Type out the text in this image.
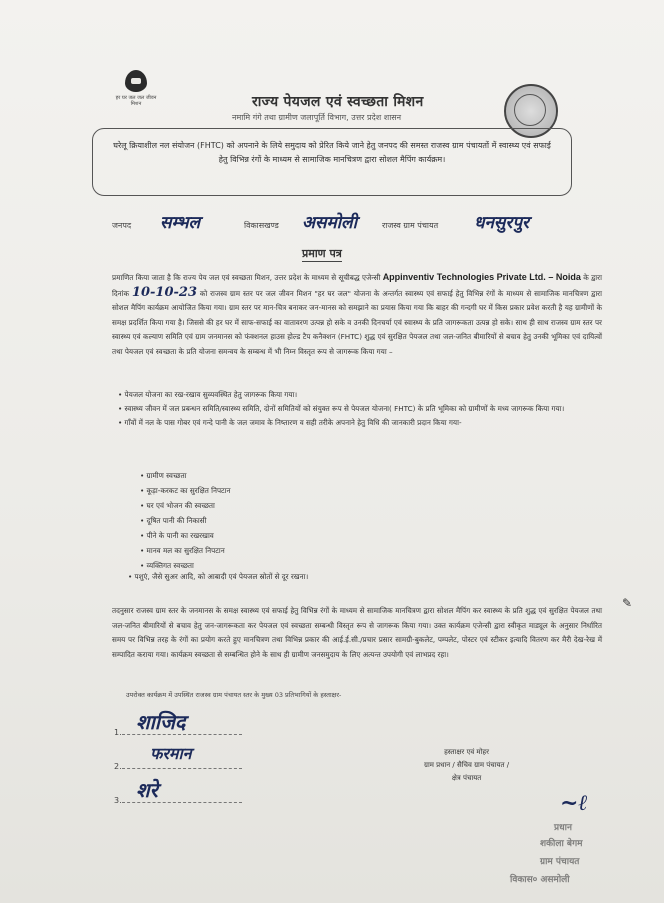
हर घर जल जल जीवन मिशन	राज्य पेयजल एवं स्वच्छता मिशन
नमामि गंगे तथा ग्रामीण जलापूर्ति विभाग, उत्तर प्रदेश शासन

घरेलू क्रियाशील नल संयोजन (FHTC) को अपनाने के लिये समुदाय को प्रेरित किये जाने हेतु जनपद की समस्त राजस्व ग्राम पंचायतों में स्वास्थ्य एवं सफाई हेतु विभिन्न रंगों के माध्यम से सामाजिक मानचित्रण द्वारा सोशल मैपिंग कार्यक्रम।

जनपद सम्भल	विकासखण्ड असमोली	राजस्व ग्राम पंचायत धनसुरपुर
प्रमाण पत्र
प्रमाणित किया जाता है कि राज्य पेय जल एवं स्वच्छता मिशन, उत्तर प्रदेश के माध्यम से सूचीबद्ध एजेन्सी Appinventiv Technologies Private Ltd. – Noida के द्वारा दिनांक 10-10-23 को राजस्व ग्राम स्तर पर जल जीवन मिशन "हर घर जल" योजना के अन्तर्गत स्वास्थ्य एवं सफाई हेतु विभिन्न रंगों के माध्यम से सामाजिक मानचित्रण द्वारा सोशल मैपिंग कार्यक्रम आयोजित किया गया। ग्राम स्तर पर मान-चित्र बनाकर जन-मानस को समझाने का प्रयास किया गया कि बाहर की गन्दगी घर में किस प्रकार प्रवेश करती है यह ग्रामीणों के समक्ष प्रदर्शित किया गया है। जिससे की हर घर में साफ-सफाई का वातावरण उत्पन्न हो सके व उनकी दिनचर्या एवं स्वास्थ्य के प्रति जागरूकता उत्पन्न हो सके। साथ ही साथ राजस्व ग्राम स्तर पर स्वास्थ्य एवं कल्याण समिति एवं ग्राम जनमानस को फंक्शनल हाउस होल्ड टैप कनैक्शन (FHTC) शुद्ध एवं सुरक्षित पेयजल तथा जल-जनित बीमारियों से बचाव हेतु उनकी भूमिका एवं दायित्वों तथा पेयजल एवं स्वच्छता के प्रति योजना समन्वय के सम्बन्ध में भी निम्न विस्तृत रूप से जागरूक किया गया –
• पेयजल योजना का रख-रखाव सुव्यवस्थित हेतु जागरूक किया गया।
• स्वास्थ्य जीवन में जल प्रबन्धन समिति/स्वास्थ्य समिति, दोनों समितियों को संयुक्त रूप से पेयजल योजना( FHTC) के प्रति भूमिका को ग्रामीणों के मध्य जागरूक किया गया।
• गाँवों में नल के पास गोबर एवं गन्दे पानी के जल जमाव के निष्तारण व सही तरीके अपनाने हेतु विधि की जानकारी प्रदान किया गया-
• ग्रामीण स्वच्छता
• कूड़ा-करकट का सुरक्षित निपटान
• घर एवं भोजन की स्वच्छता
• दूषित पानी की निकासी
• पीने के पानी का रखरखाव
• मानव मल का सुरक्षित निपटान
• व्यक्तिगत स्वच्छता
• पशुएं, जैसे सुअर आदि, को आबादी एवं पेयजल स्रोतों से दूर रखना।
तदनुसार राजस्व ग्राम स्तर के जनमानस के समक्ष स्वास्थ्य एवं सफाई हेतु विभिन्न रंगों के माध्यम से सामाजिक मानचित्रण द्वारा सोशल मैपिंग कर स्वास्थ्य के प्रति शुद्ध एवं सुरक्षित पेयजल तथा जल-जनित बीमारियों से बचाव हेतु जन-जागरूकता कर पेयजल एवं स्वच्छता सम्बन्धी विस्तृत रूप से जागरूक किया गया। उक्त कार्यक्रम एजेन्सी द्वारा स्वीकृत माड्यूल के अनुसार निर्धारित समय पर विभिन्न तरह के रंगों का प्रयोग करते हुए मानचित्रण तथा विभिन्न प्रकार की आई.ई.सी./प्रचार प्रसार सामग्री-बुकलेट, पम्पलेट, पोस्टर एवं स्टीकर इत्यादि वितरण कर मैरी देख-रेख में सम्पादित कराया गया। कार्यक्रम स्वच्छता से सम्बन्धित होने के साथ ही ग्रामीण जनसमुदाय के लिए अत्यन्त उपयोगी एवं लाभप्रद रहा।
✎
उपरोक्त कार्यक्रम में उपस्थित राजस्व ग्राम पंचायत स्तर के मुख्य 03 प्रतिभागियों के हस्ताक्षर-
1. शाजिद
2.
फरमान
3. शरे
हस्ताक्षर एवं मोहर
ग्राम प्रधान / सैचिव ग्राम पंचायत /
क्षेत्र पंचायत
~ℓ
प्रधान
शकीला बेगम
ग्राम पंचायत
विकास० असमोली
